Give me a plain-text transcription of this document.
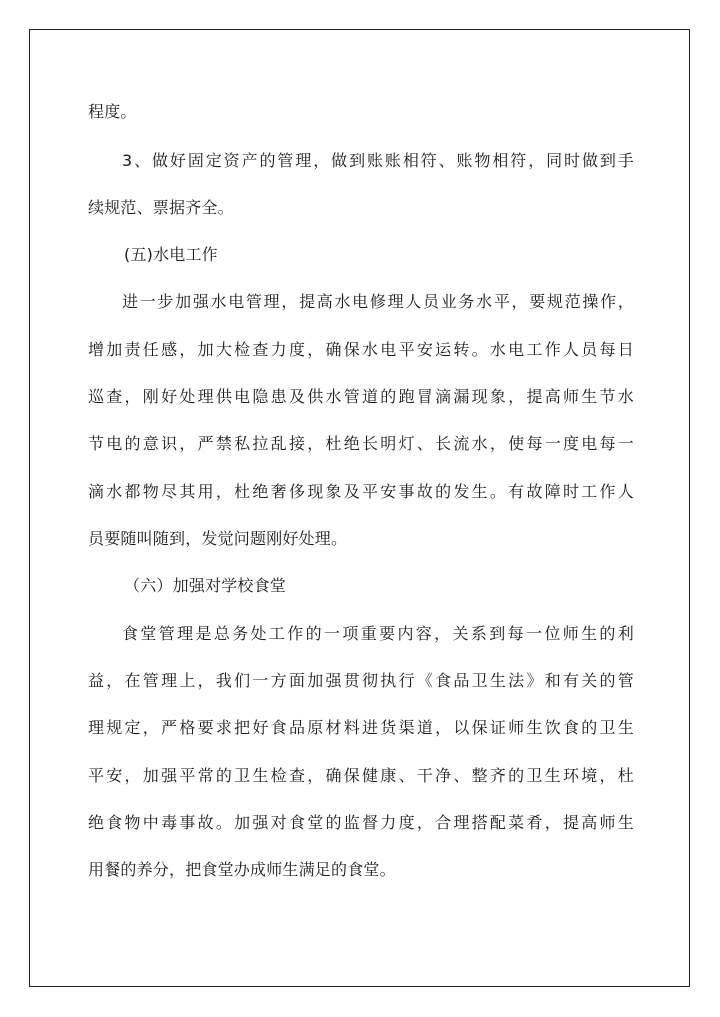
程度。
3、做好固定资产的管理，做到账账相符、账物相符，同时做到手
续规范、票据齐全。
(五)水电工作
进一步加强水电管理，提高水电修理人员业务水平，要规范操作，
增加责任感，加大检查力度，确保水电平安运转。水电工作人员每日
巡查，刚好处理供电隐患及供水管道的跑冒滴漏现象，提高师生节水
节电的意识，严禁私拉乱接，杜绝长明灯、长流水，使每一度电每一
滴水都物尽其用，杜绝奢侈现象及平安事故的发生。有故障时工作人
员要随叫随到，发觉问题刚好处理。
（六）加强对学校食堂
食堂管理是总务处工作的一项重要内容，关系到每一位师生的利
益，在管理上，我们一方面加强贯彻执行《食品卫生法》和有关的管
理规定，严格要求把好食品原材料进货渠道，以保证师生饮食的卫生
平安，加强平常的卫生检查，确保健康、干净、整齐的卫生环境，杜
绝食物中毒事故。加强对食堂的监督力度，合理搭配菜肴，提高师生
用餐的养分，把食堂办成师生满足的食堂。
